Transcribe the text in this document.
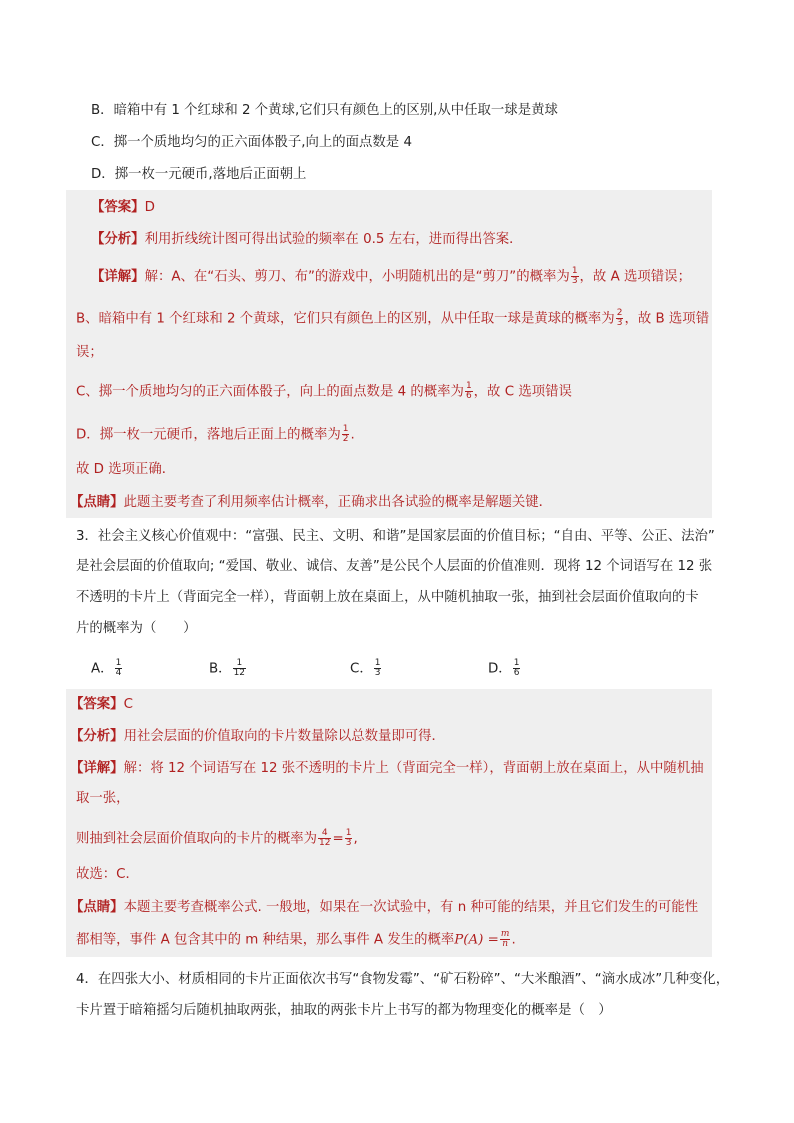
B．暗箱中有 1 个红球和 2 个黄球,它们只有颜色上的区别,从中任取一球是黄球
C．掷一个质地均匀的正六面体骰子,向上的面点数是 4
D．掷一枚一元硬币,落地后正面朝上
【答案】D
【分析】利用折线统计图可得出试验的频率在 0.5 左右，进而得出答案．
【详解】解：A、在“石头、剪刀、布”的游戏中，小明随机出的是“剪刀”的概率为 $\frac{1}{3}$ ，故 A 选项错误；
B、暗箱中有 1 个红球和 2 个黄球，它们只有颜色上的区别，从中任取一球是黄球的概率为 $\frac{2}{3}$ ，故 B 选项错
误；
C、掷一个质地均匀的正六面体骰子，向上的面点数是 4 的概率为 $\frac{1}{6}$ ，故 C 选项错误
D．掷一枚一元硬币，落地后正面上的概率为 $\frac{1}{2}$ .
故 D 选项正确．
【点睛】此题主要考查了利用频率估计概率，正确求出各试验的概率是解题关键．
3．社会主义核心价值观中：“富强、民主、文明、和谐”是国家层面的价值目标；“自由、平等、公正、法治”
是社会层面的价值取向; “爱国、敬业、诚信、友善”是公民个人层面的价值准则．现将 12 个词语写在 12 张
不透明的卡片上（背面完全一样），背面朝上放在桌面上，从中随机抽取一张，抽到社会层面价值取向的卡
片的概率为（　　）
A． $\frac{1}{4}$	B． $\frac{1}{12}$	C． $\frac{1}{3}$	D． $\frac{1}{6}$
【答案】C
【分析】用社会层面的价值取向的卡片数量除以总数量即可得．
【详解】解：将 12 个词语写在 12 张不透明的卡片上（背面完全一样），背面朝上放在桌面上，从中随机抽
取一张，
则抽到社会层面价值取向的卡片的概率为 $\frac{4}{12} = \frac{1}{3}$ ,
故选：C．
【点睛】本题主要考查概率公式. 一般地，如果在一次试验中，有 n 种可能的结果，并且它们发生的可能性
都相等，事件 A 包含其中的 m 种结果，那么事件 A 发生的概率$P(A) = \frac{m}{n}$ .
4．在四张大小、材质相同的卡片正面依次书写“食物发霉”、“矿石粉碎”、“大米酿酒”、“滴水成冰”几种变化，
卡片置于暗箱摇匀后随机抽取两张，抽取的两张卡片上书写的都为物理变化的概率是（　）
